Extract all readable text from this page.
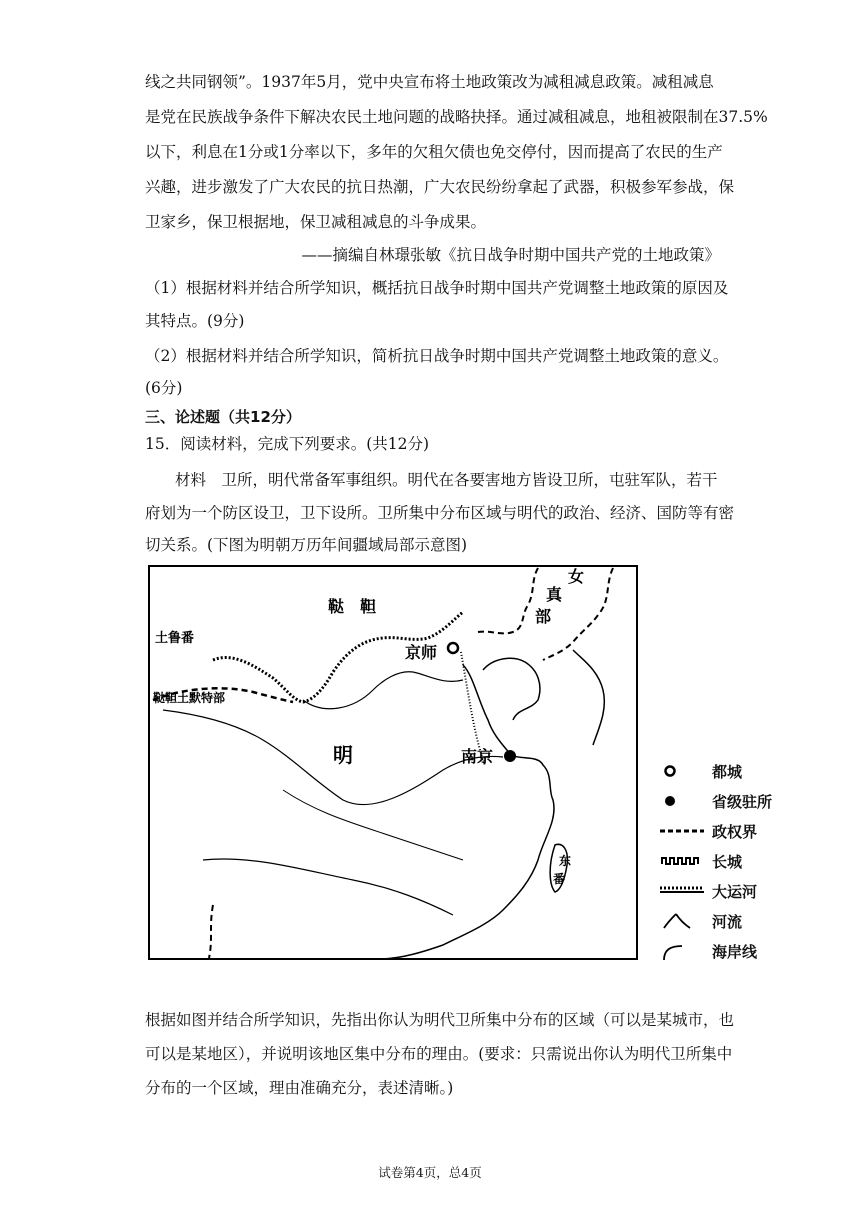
线之共同钢领”。1937年5月，党中央宣布将土地政策改为减租减息政策。减租减息
是党在民族战争条件下解决农民土地问题的战略抉择。通过减租减息，地租被限制在37.5%
以下，利息在1分或1分率以下，多年的欠租欠债也免交停付，因而提高了农民的生产
兴趣，进步激发了广大农民的抗日热潮，广大农民纷纷拿起了武器，积极参军参战，保
卫家乡，保卫根据地，保卫减租减息的斗争成果。
——摘编自林璟张敏《抗日战争时期中国共产党的土地政策》
（1）根据材料并结合所学知识，概括抗日战争时期中国共产党调整土地政策的原因及
其特点。(9分)
（2）根据材料并结合所学知识，简析抗日战争时期中国共产党调整土地政策的意义。
(6分)
三、论述题（共12分）
15．阅读材料，完成下列要求。(共12分)
材料　卫所，明代常备军事组织。明代在各要害地方皆设卫所，屯驻军队，若干
府划为一个防区设卫，卫下设所。卫所集中分布区域与明代的政治、经济、国防等有密
切关系。(下图为明朝万历年间疆域局部示意图)
鞑　靼
土鲁番
鞑靼土默特部
女
真
部
京师
明	南京
东
番
都城
省级驻所
政权界
长城
大运河
河流
海岸线
根据如图并结合所学知识，先指出你认为明代卫所集中分布的区域（可以是某城市，也
可以是某地区），并说明该地区集中分布的理由。(要求：只需说出你认为明代卫所集中
分布的一个区域，理由准确充分，表述清晰。)
试卷第4页，总4页
